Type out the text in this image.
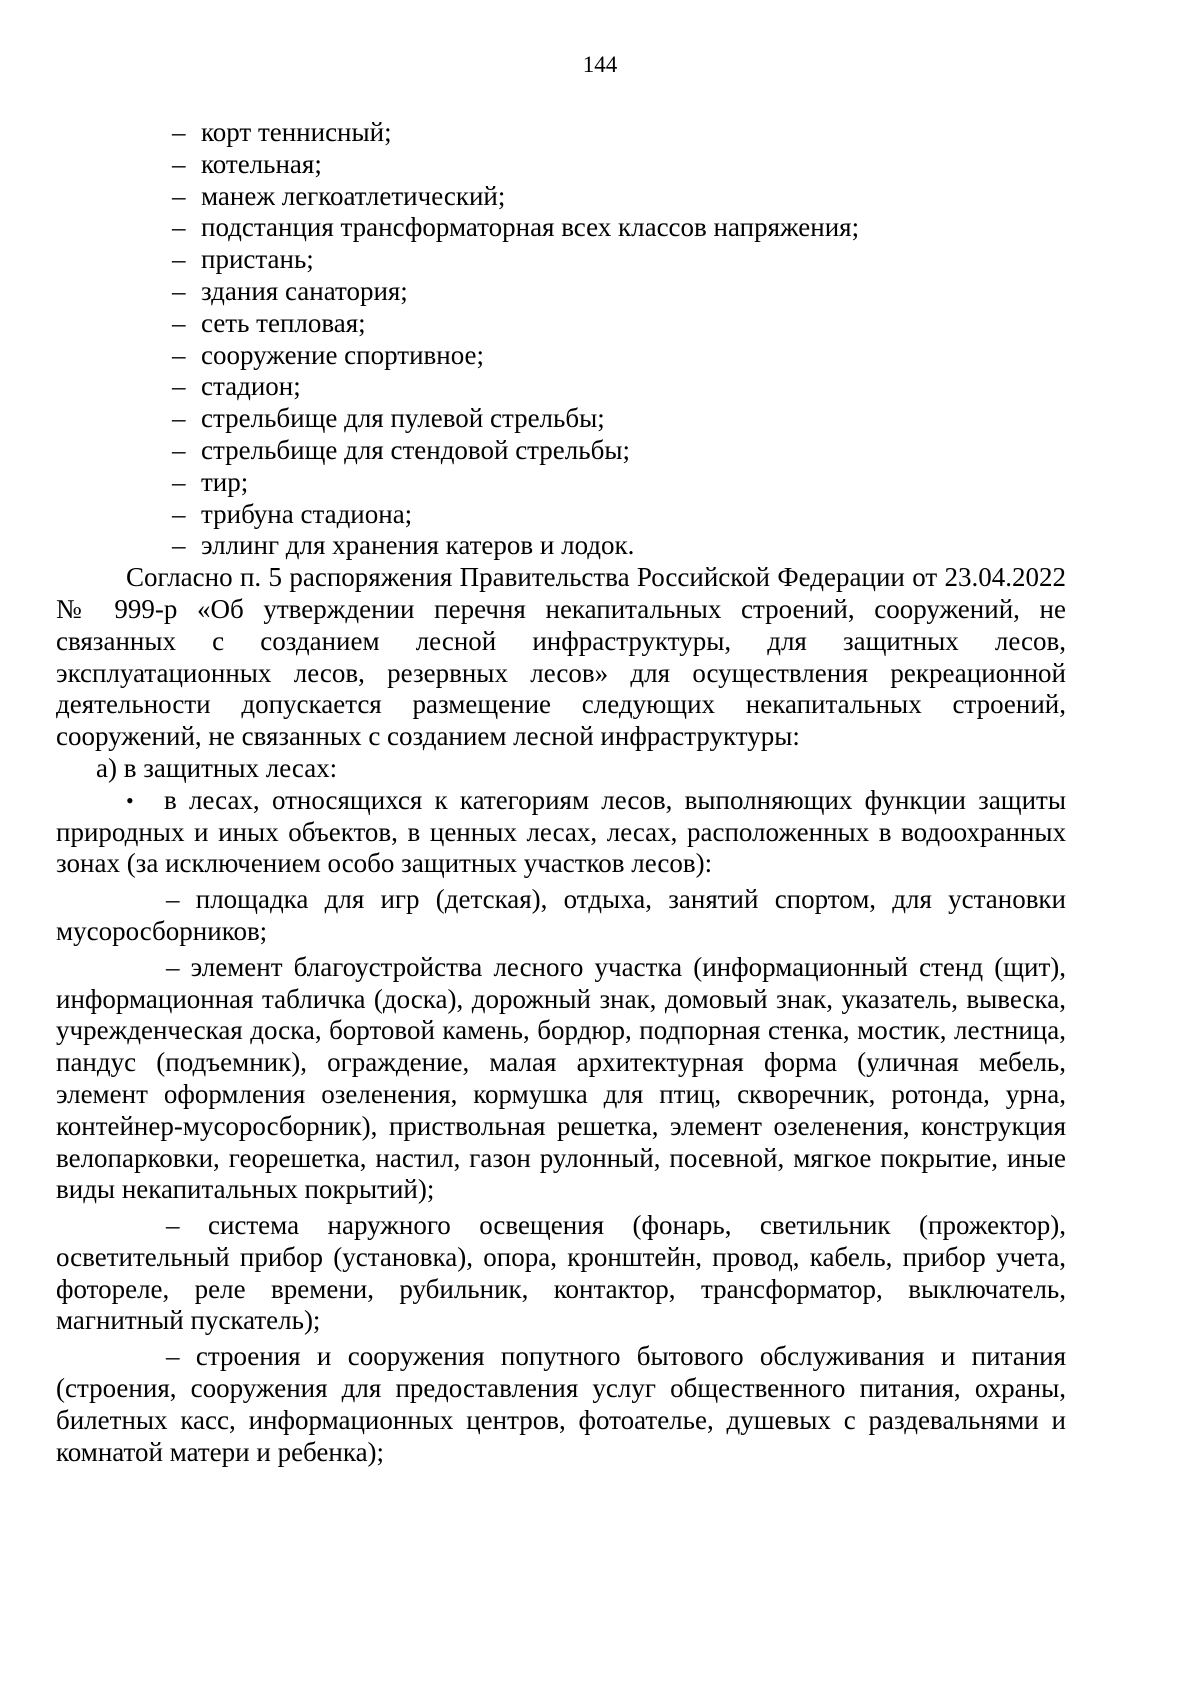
144
– корт теннисный;
– котельная;
– манеж легкоатлетический;
– подстанция трансформаторная всех классов напряжения;
– пристань;
– здания санатория;
– сеть тепловая;
– сооружение спортивное;
– стадион;
– стрельбище для пулевой стрельбы;
– стрельбище для стендовой стрельбы;
– тир;
– трибуна стадиона;
– эллинг для хранения катеров и лодок.

Согласно п. 5 распоряжения Правительства Российской Федерации от 23.04.2022 № 999-р «Об утверждении перечня некапитальных строений, сооружений, не связанных с созданием лесной инфраструктуры, для защитных лесов, эксплуатационных лесов, резервных лесов» для осуществления рекреационной деятельности допускается размещение следующих некапитальных строений, сооружений, не связанных с созданием лесной инфраструктуры:

а) в защитных лесах:

• в лесах, относящихся к категориям лесов, выполняющих функции защиты природных и иных объектов, в ценных лесах, лесах, расположенных в водоохранных зонах (за исключением особо защитных участков лесов):

– площадка для игр (детская), отдыха, занятий спортом, для установки мусоросборников;

– элемент благоустройства лесного участка (информационный стенд (щит), информационная табличка (доска), дорожный знак, домовый знак, указатель, вывеска, учрежденческая доска, бортовой камень, бордюр, подпорная стенка, мостик, лестница, пандус (подъемник), ограждение, малая архитектурная форма (уличная мебель, элемент оформления озеленения, кормушка для птиц, скворечник, ротонда, урна, контейнер-мусоросборник), приствольная решетка, элемент озеленения, конструкция велопарковки, георешетка, настил, газон рулонный, посевной, мягкое покрытие, иные виды некапитальных покрытий);

– система наружного освещения (фонарь, светильник (прожектор), осветительный прибор (установка), опора, кронштейн, провод, кабель, прибор учета, фотореле, реле времени, рубильник, контактор, трансформатор, выключатель, магнитный пускатель);

– строения и сооружения попутного бытового обслуживания и питания (строения, сооружения для предоставления услуг общественного питания, охраны, билетных касс, информационных центров, фотоателье, душевых с раздевальнями и комнатой матери и ребенка);
